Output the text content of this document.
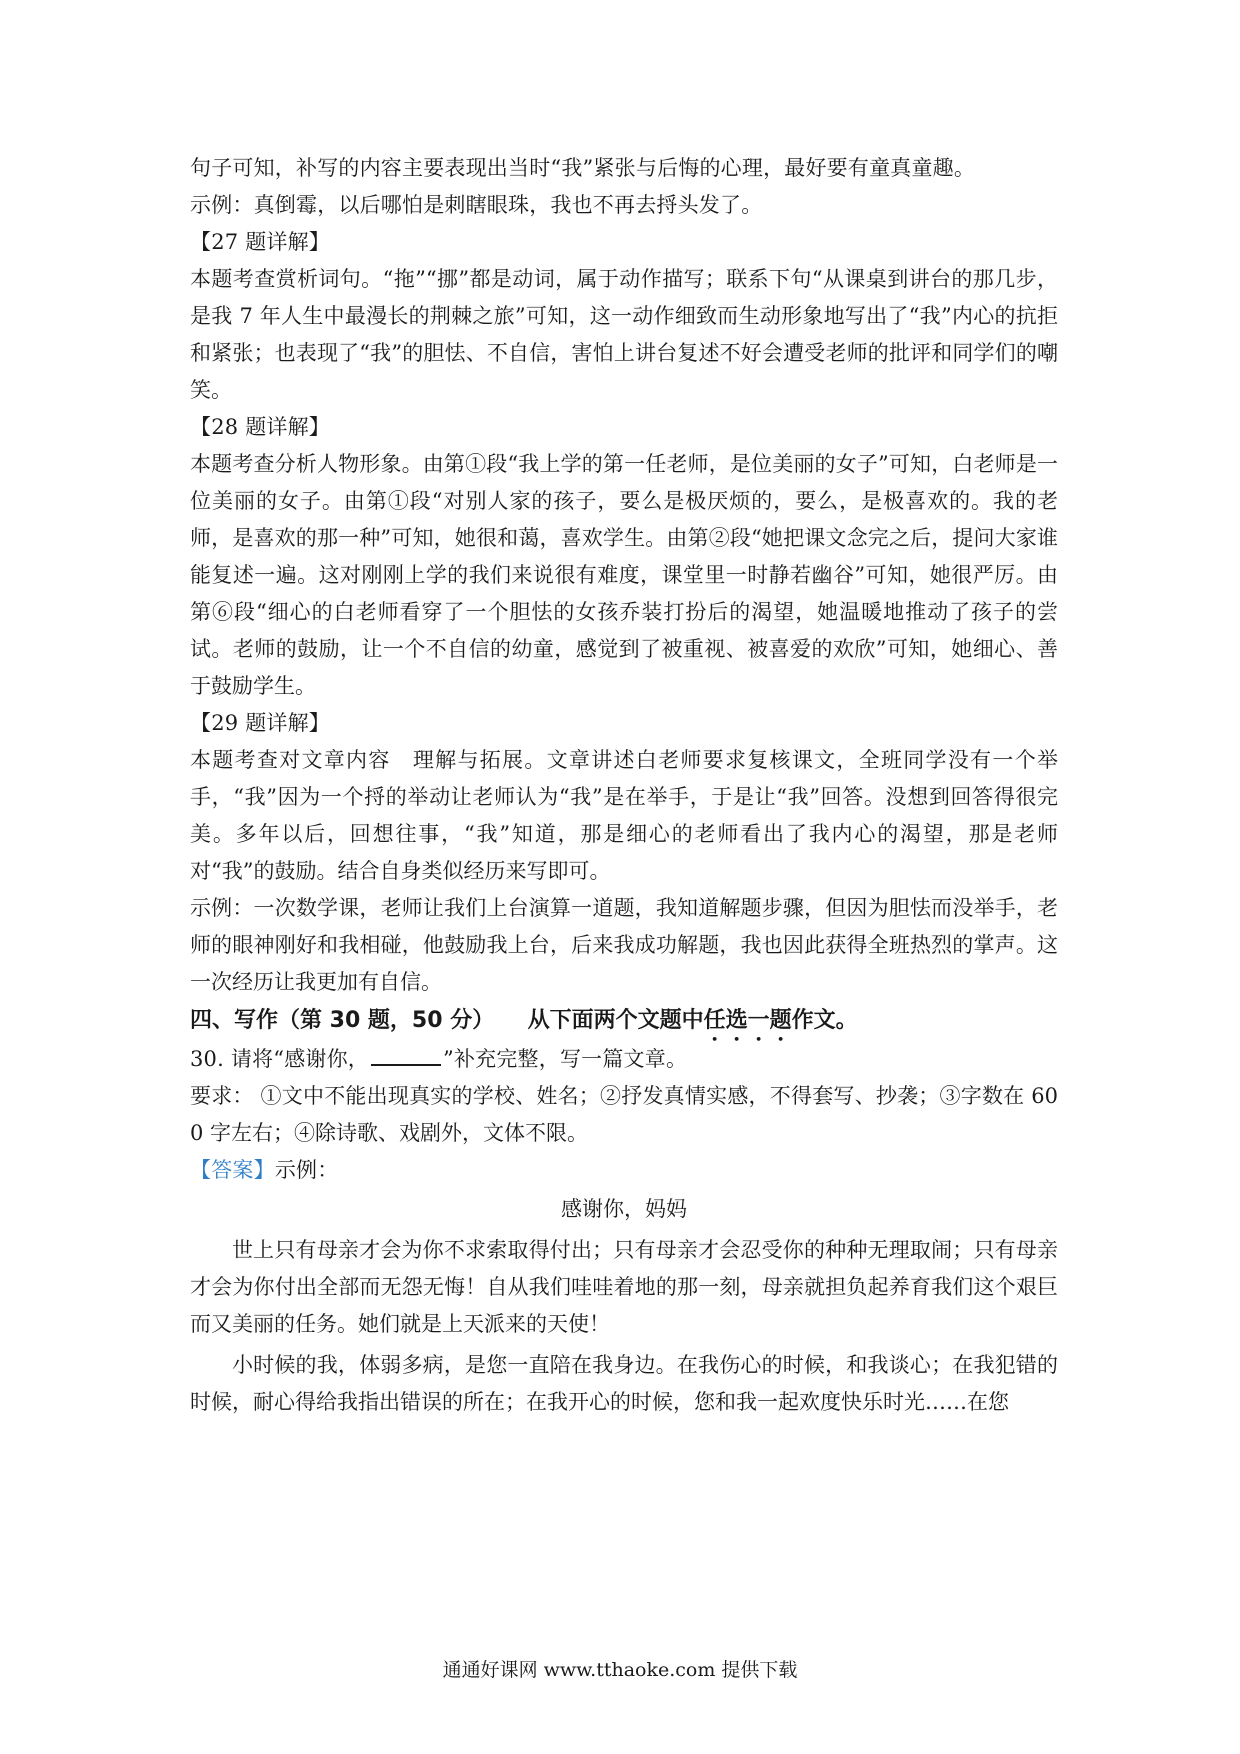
句子可知，补写的内容主要表现出当时“我”紧张与后悔的心理，最好要有童真童趣。
示例：真倒霉，以后哪怕是刺瞎眼珠，我也不再去捋头发了。
【27 题详解】
本题考查赏析词句。“拖”“挪”都是动词，属于动作描写；联系下句“从课桌到讲台的那几步，是我 7 年人生中最漫长的荆棘之旅”可知，这一动作细致而生动形象地写出了“我”内心的抗拒和紧张；也表现了“我”的胆怯、不自信，害怕上讲台复述不好会遭受老师的批评和同学们的嘲笑。
【28 题详解】
本题考查分析人物形象。由第①段“我上学的第一任老师，是位美丽的女子”可知，白老师是一位美丽的女子。由第①段“对别人家的孩子，要么是极厌烦的，要么，是极喜欢的。我的老师，是喜欢的那一种”可知，她很和蔼，喜欢学生。由第②段“她把课文念完之后，提问大家谁能复述一遍。这对刚刚上学的我们来说很有难度，课堂里一时静若幽谷”可知，她很严厉。由第⑥段“细心的白老师看穿了一个胆怯的女孩乔装打扮后的渴望，她温暖地推动了孩子的尝试。老师的鼓励，让一个不自信的幼童，感觉到了被重视、被喜爱的欢欣”可知，她细心、善于鼓励学生。
【29 题详解】
本题考查对文章内容　理解与拓展。文章讲述白老师要求复核课文，全班同学没有一个举手，“我”因为一个捋的举动让老师认为“我”是在举手，于是让“我”回答。没想到回答得很完美。多年以后，回想往事，“我”知道，那是细心的老师看出了我内心的渴望，那是老师对“我”的鼓励。结合自身类似经历来写即可。
示例：一次数学课，老师让我们上台演算一道题，我知道解题步骤，但因为胆怯而没举手，老师的眼神刚好和我相碰，他鼓励我上台，后来我成功解题，我也因此获得全班热烈的掌声。这一次经历让我更加有自信。
四、写作（第 30 题，50 分） 从下面两个文题中任选一题作文。
30. 请将“感谢你，	”补充完整，写一篇文章。
要求： ①文中不能出现真实的学校、姓名；②抒发真情实感，不得套写、抄袭；③字数在 600 字左右；④除诗歌、戏剧外，文体不限。
【答案】示例：
感谢你，妈妈
世上只有母亲才会为你不求索取得付出；只有母亲才会忍受你的种种无理取闹；只有母亲才会为你付出全部而无怨无悔！自从我们哇哇着地的那一刻，母亲就担负起养育我们这个艰巨而又美丽的任务。她们就是上天派来的天使！
小时候的我，体弱多病，是您一直陪在我身边。在我伤心的时候，和我谈心；在我犯错的时候，耐心得给我指出错误的所在；在我开心的时候，您和我一起欢度快乐时光……在您
通通好课网 www.tthaoke.com 提供下载
